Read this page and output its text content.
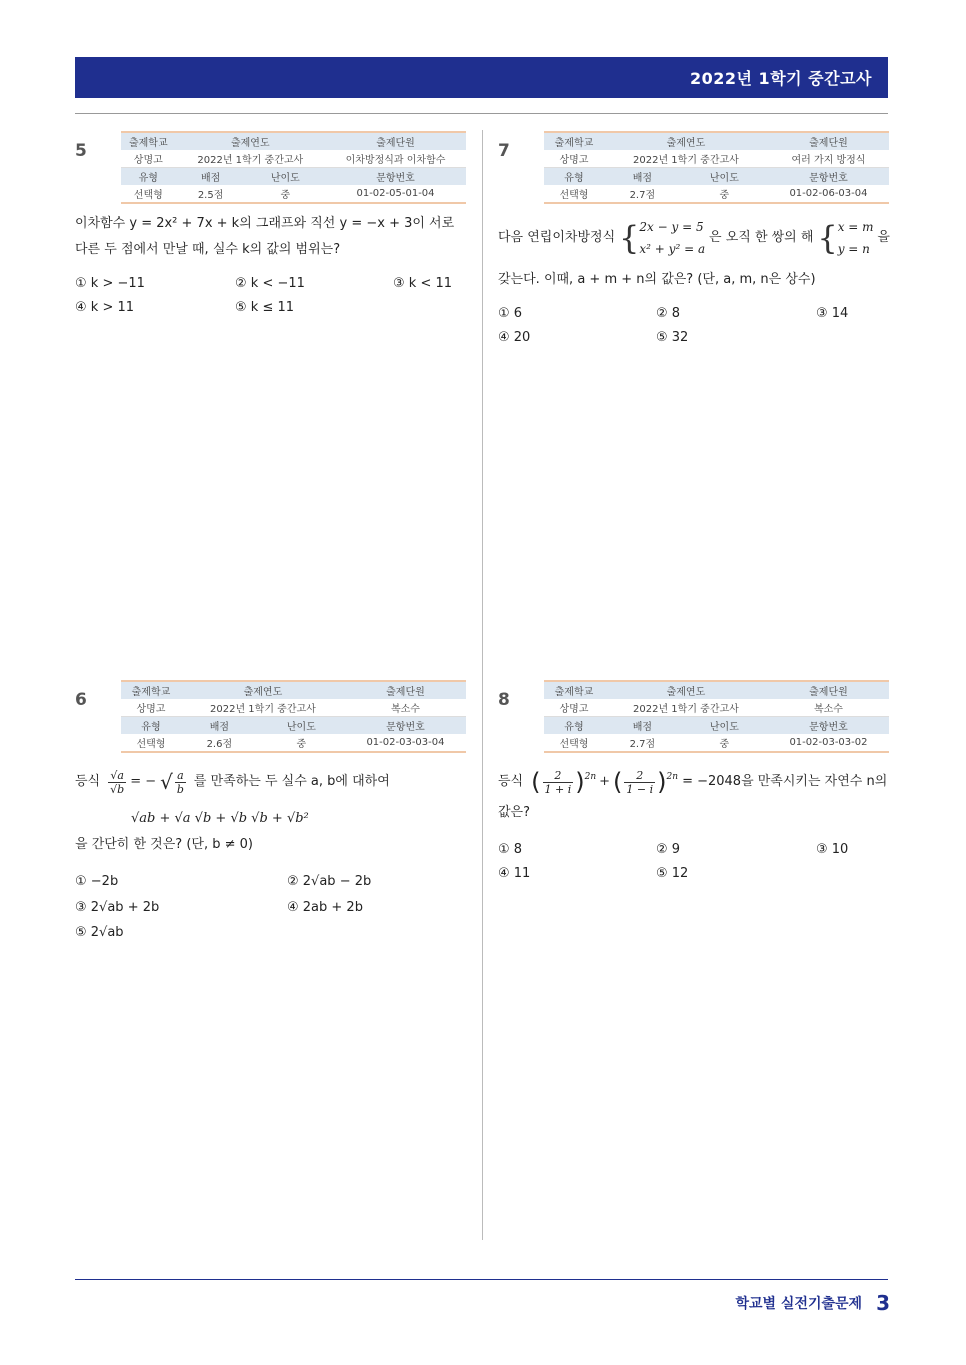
2022년 1학기 중간고사
5	출제학교	출제연도		출제단원
상명고	2022년 1학기 중간고사		이차방정식과 이차함수
유형	배점	난이도	문항번호
선택형	2.5점	중	01-02-05-01-04
이차함수 y = 2x² + 7x + k의 그래프와 직선 y = −x + 3이 서로
다른 두 점에서 만날 때, 실수 k의 값의 범위는?
① k > −11	② k < −11	③ k < 11
④ k > 11	⑤ k ≤ 11
7	출제학교	출제연도		출제단원
상명고	2022년 1학기 중간고사		여러 가지 방정식
유형	배점	난이도	문항번호
선택형	2.7점	중	01-02-06-03-04
다음 연립이차방정식 { 2x − y = 5
x² + y² = a
은 오직 한 쌍의 해 { x = m
y = n
을
갖는다. 이때, a + m + n의 값은? (단, a, m, n은 상수)
① 6	② 8	③ 14
④ 20	⑤ 32
6	출제학교	출제연도		출제단원
상명고	2022년 1학기 중간고사		복소수
유형	배점	난이도	문항번호
선택형	2.6점	중	01-02-03-03-04
등식 $\frac{√a}{√b}$ = − √ $\frac{a}{b}$ 를 만족하는 두 실수 a, b에 대하여
√ab + √a √b + √b √b + √b²
을 간단히 한 것은? (단, b ≠ 0)
① −2b	② 2√ab − 2b
③ 2√ab + 2b	④ 2ab + 2b
⑤ 2√ab
8	출제학교	출제연도		출제단원
상명고	2022년 1학기 중간고사		복소수
유형	배점	난이도	문항번호
선택형	2.7점	중	01-02-03-03-02
등식 ( $\frac{2}{1 + i} )^{2n}$ + ( $\frac{2}{1 - i} )^{2n} = -2048$을 만족시키는 자연수 n의
값은?
① 8	② 9	③ 10
④ 11	⑤ 12
학교별 실전기출문제 3
